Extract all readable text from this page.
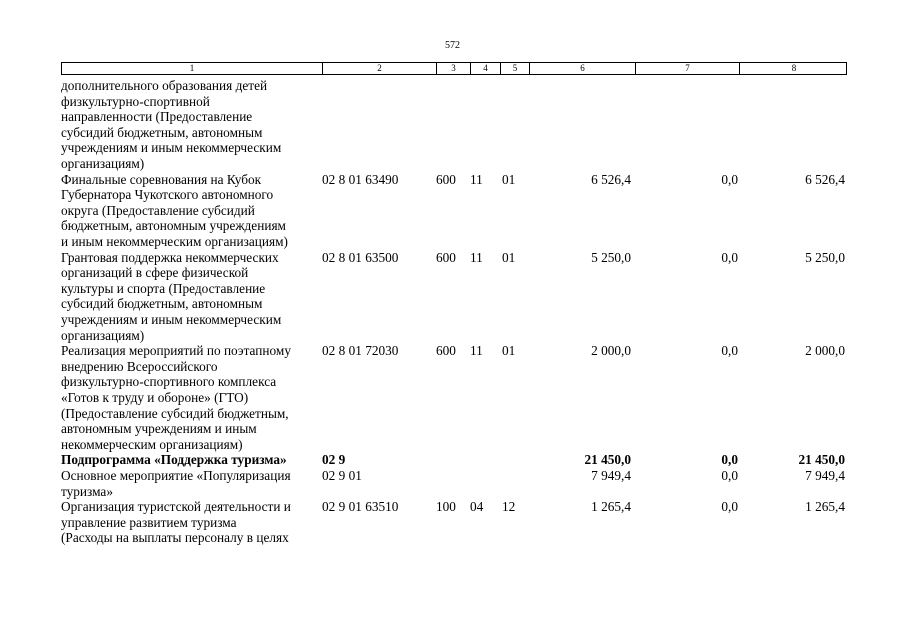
572
1	2	3	4	5	6	7	8
дополнительного образования детей
физкультурно-спортивной
направленности (Предоставление
субсидий бюджетным, автономным
учреждениям и иным некоммерческим
организациям)
Финальные соревнования на Кубок
Губернатора Чукотского автономного
округа (Предоставление субсидий
бюджетным, автономным учреждениям
и иным некоммерческим организациям)
02 8 01 63490	600 11 01	6 526,4	0,0	6 526,4
Грантовая поддержка некоммерческих
организаций в сфере физической
культуры и спорта (Предоставление
субсидий бюджетным, автономным
учреждениям и иным некоммерческим
организациям)
02 8 01 63500	600 11 01	5 250,0	0,0	5 250,0
Реализация мероприятий по поэтапному
внедрению Всероссийского
физкультурно-спортивного комплекса
«Готов к труду и обороне» (ГТО)
(Предоставление субсидий бюджетным,
автономным учреждениям и иным
некоммерческим организациям)
02 8 01 72030	600 11 01	2 000,0	0,0	2 000,0
Подпрограмма «Поддержка туризма»	02 9	21 450,0	0,0	21 450,0
Основное мероприятие «Популяризация
туризма»
02 9 01	7 949,4	0,0	7 949,4
Организация туристской деятельности и
управление развитием туризма
(Расходы на выплаты персоналу в целях
02 9 01 63510	100 04 12	1 265,4	0,0	1 265,4
